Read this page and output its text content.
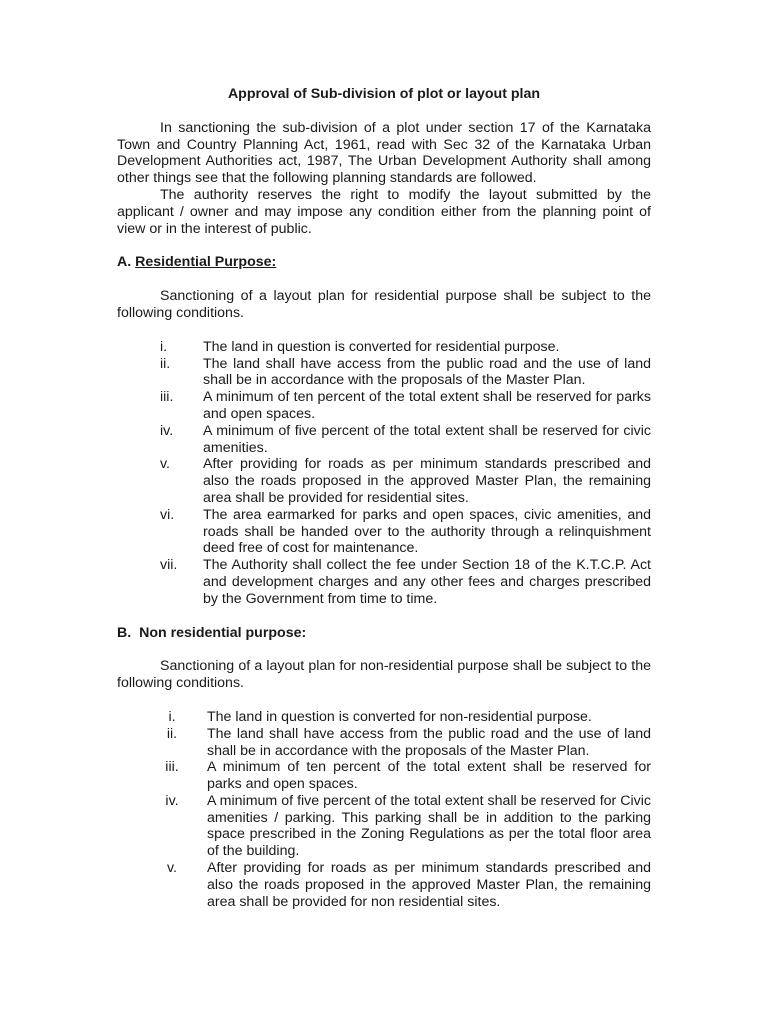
Approval of Sub-division of plot or layout plan

In sanctioning the sub-division of a plot under section 17 of the Karnataka Town and Country Planning Act, 1961, read with Sec 32 of the Karnataka Urban Development Authorities act, 1987, The Urban Development Authority shall among other things see that the following planning standards are followed.

The authority reserves the right to modify the layout submitted by the applicant / owner and may impose any condition either from the planning point of view or in the interest of public.

A. Residential Purpose:

Sanctioning of a layout plan for residential purpose shall be subject to the following conditions.

i.	The land in question is converted for residential purpose.
ii.	The land shall have access from the public road and the use of land shall be in accordance with the proposals of the Master Plan.
iii.	A minimum of ten percent of the total extent shall be reserved for parks and open spaces.
iv.	A minimum of five percent of the total extent shall be reserved for civic amenities.
v.	After providing for roads as per minimum standards prescribed and also the roads proposed in the approved Master Plan, the remaining area shall be provided for residential sites.
vi.	The area earmarked for parks and open spaces, civic amenities, and roads shall be handed over to the authority through a relinquishment deed free of cost for maintenance.
vii.	The Authority shall collect the fee under Section 18 of the K.T.C.P. Act and development charges and any other fees and charges prescribed by the Government from time to time.
B. Non residential purpose:

Sanctioning of a layout plan for non-residential purpose shall be subject to the following conditions.

i.	The land in question is converted for non-residential purpose.
ii.	The land shall have access from the public road and the use of land shall be in accordance with the proposals of the Master Plan.
iii.	A minimum of ten percent of the total extent shall be reserved for parks and open spaces.
iv.	A minimum of five percent of the total extent shall be reserved for Civic amenities / parking. This parking shall be in addition to the parking space prescribed in the Zoning Regulations as per the total floor area of the building.
v.	After providing for roads as per minimum standards prescribed and also the roads proposed in the approved Master Plan, the remaining area shall be provided for non residential sites.
